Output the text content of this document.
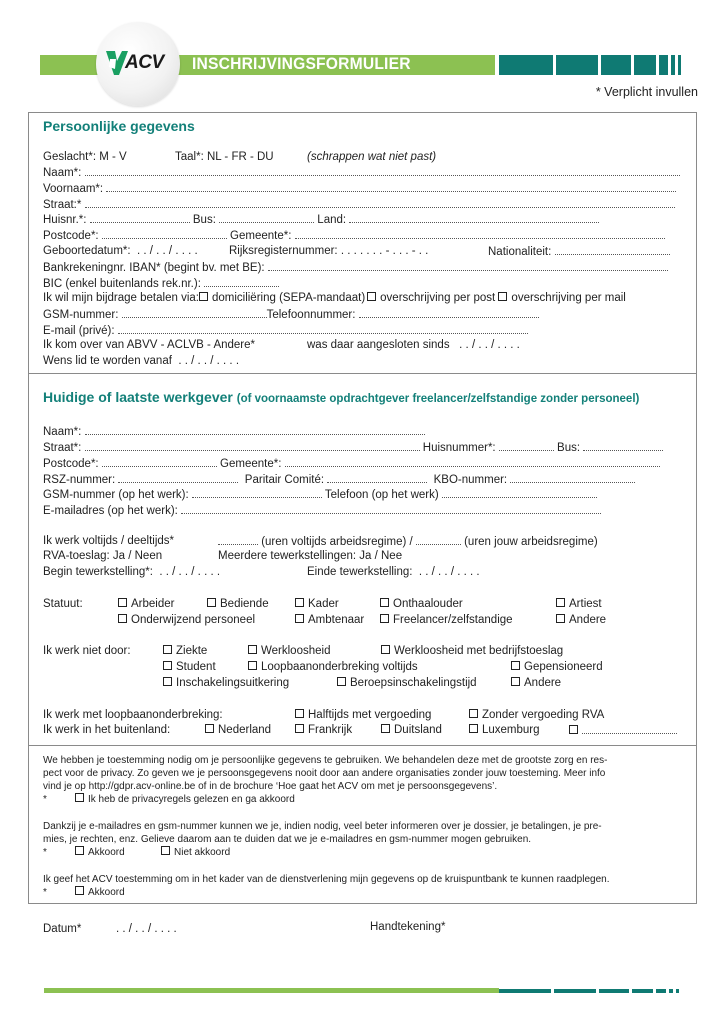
INSCHRIJVINGSFORMULIER
ACV
* Verplicht invullen
Persoonlijke gegevens
Geslacht*: M - V	Taal*: NL - FR - DU	(schrappen wat niet past)
Naam*:
Voornaam*:
Straat:*
Huisnr.*:	Bus:	Land:
Postcode*:	Gemeente*:
Geboortedatum*: . . / . . / . . . .	Rijksregisternummer: . . . . . . . - . . . - . .	Nationaliteit:
Bankrekeningnr. IBAN* (begint bv. met BE):
BIC (enkel buitenlands rek.nr.):
Ik wil mijn bijdrage betalen via: domiciliëring (SEPA-mandaat) overschrijving per post overschrijving per mail
GSM-nummer:	Telefoonnummer:
E-mail (privé):
Ik kom over van ABVV - ACLVB - Andere*	was daar aangesloten sinds . . / . . / . . . .
Wens lid te worden vanaf . . / . . / . . . .
Huidige of laatste werkgever (of voornaamste opdrachtgever freelancer/zelfstandige zonder personeel)
Naam*:
Straat*:	Huisnummer*:	Bus:
Postcode*:	Gemeente*:
RSZ-nummer:	Paritair Comité:	KBO-nummer:
GSM-nummer (op het werk):	Telefoon (op het werk)
E-mailadres (op het werk):
Ik werk voltijds / deeltijds*	(uren voltijds arbeidsregime) /	(uren jouw arbeidsregime)
RVA-toeslag: Ja / Neen	Meerdere tewerkstellingen: Ja / Nee
Begin tewerkstelling*: . . / . . / . . . .	Einde tewerkstelling: . . / . . / . . . .
Statuut:	Arbeider	Bediende	Kader	Onthaalouder	Artiest
Onderwijzend personeel	Ambtenaar	Freelancer/zelfstandige	Andere
Ik werk niet door:	Ziekte	Werkloosheid	Werkloosheid met bedrijfstoeslag
Student	Loopbaanonderbreking voltijds	Gepensioneerd
Inschakelingsuitkering	Beroepsinschakelingstijd	Andere
Ik werk met loopbaanonderbreking:	Halftijds met vergoeding	Zonder vergoeding RVA
Ik werk in het buitenland:	Nederland	Frankrijk	Duitsland	Luxemburg
We hebben je toestemming nodig om je persoonlijke gegevens te gebruiken. We behandelen deze met de grootste zorg en res-
pect voor de privacy. Zo geven we je persoonsgegevens nooit door aan andere organisaties zonder jouw toesteming. Meer info
vind je op http://gdpr.acv-online.be of in de brochure ‘Hoe gaat het ACV om met je persoonsgegevens’.
*	Ik heb de privacyregels gelezen en ga akkoord
Dankzij je e-mailadres en gsm-nummer kunnen we je, indien nodig, veel beter informeren over je dossier, je betalingen, je pre-
mies, je rechten, enz. Gelieve daarom aan te duiden dat we je e-mailadres en gsm-nummer mogen gebruiken.
*	Akkoord	Niet akkoord
Ik geef het ACV toestemming om in het kader van de dienstverlening mijn gegevens op de kruispuntbank te kunnen raadplegen.
*	Akkoord
Datum*	. . / . . / . . . .	Handtekening*
